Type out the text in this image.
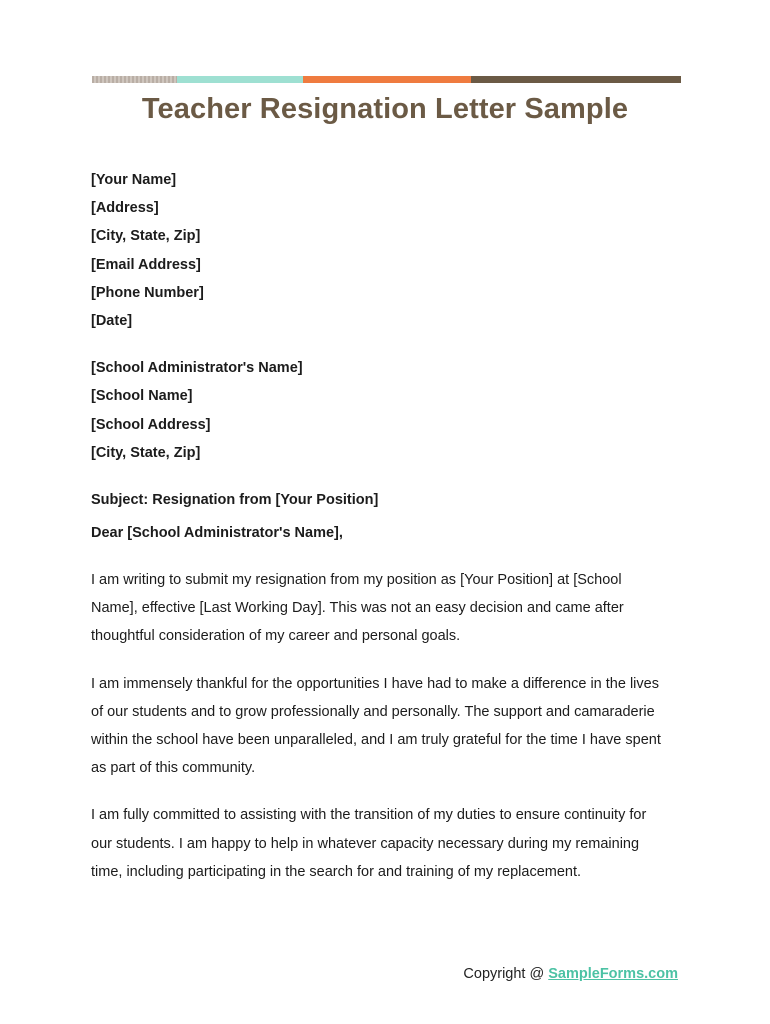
Teacher Resignation Letter Sample
[Your Name]
[Address]
[City, State, Zip]
[Email Address]
[Phone Number]
[Date]
[School Administrator's Name]
[School Name]
[School Address]
[City, State, Zip]
Subject: Resignation from [Your Position]
Dear [School Administrator's Name],

I am writing to submit my resignation from my position as [Your Position] at [School Name], effective [Last Working Day]. This was not an easy decision and came after thoughtful consideration of my career and personal goals.

I am immensely thankful for the opportunities I have had to make a difference in the lives of our students and to grow professionally and personally. The support and camaraderie within the school have been unparalleled, and I am truly grateful for the time I have spent as part of this community.

I am fully committed to assisting with the transition of my duties to ensure continuity for our students. I am happy to help in whatever capacity necessary during my remaining time, including participating in the search for and training of my replacement.

Copyright @ SampleForms.com
